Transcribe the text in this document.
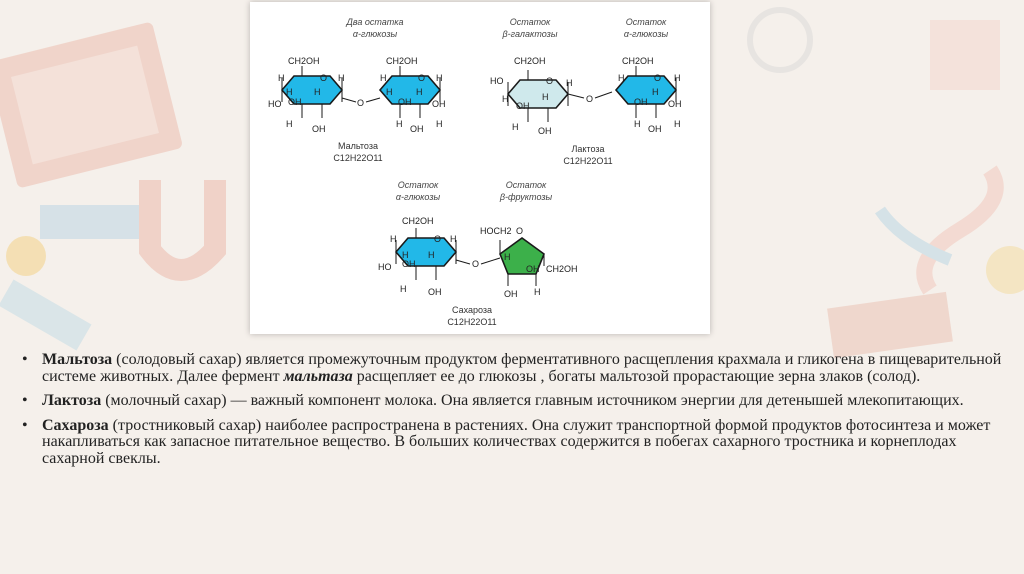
Два остатка
α-глюкозы
CH2OH
O
H
HO
H
OH
H
H
H OH
O
CH2OH
O
H
H
OH
H
OH
H
H
H OH
Мальтоза
C12H22O11
Остаток
β-галактозы
Остаток
α-глюкозы
CH2OH
HO	O
H
OH
H
H
H OH
O
CH2OH
O
H
OH
H
OH
H
H
H OH
Лактоза
C12H22O11
Остаток
α-глюкозы
Остаток
β-фруктозы
CH2OH
O
H
HO
H
OH
H
H
H OH
O
HOCH2 O
H
OH CH2OH
OH H
Сахароза
C12H22O11
• Мальтоза (солодовый сахар) является промежуточным продуктом ферментативного расщепления крахмала и гликогена в пищеварительной системе животных. Далее фермент мальтаза расщепляет ее до глюкозы , богаты мальтозой прорастающие зерна злаков (солод).

• Лактоза (молочный сахар) — важный компонент молока. Она является главным источником энергии для детенышей млекопитающих.

• Сахароза (тростниковый сахар) наиболее распространена в растениях. Она служит транспортной формой продуктов фотосинтеза и может накапливаться как запасное питательное вещество. В больших количествах содержится в побегах сахарного тростника и корнеплодах сахарной свеклы.
